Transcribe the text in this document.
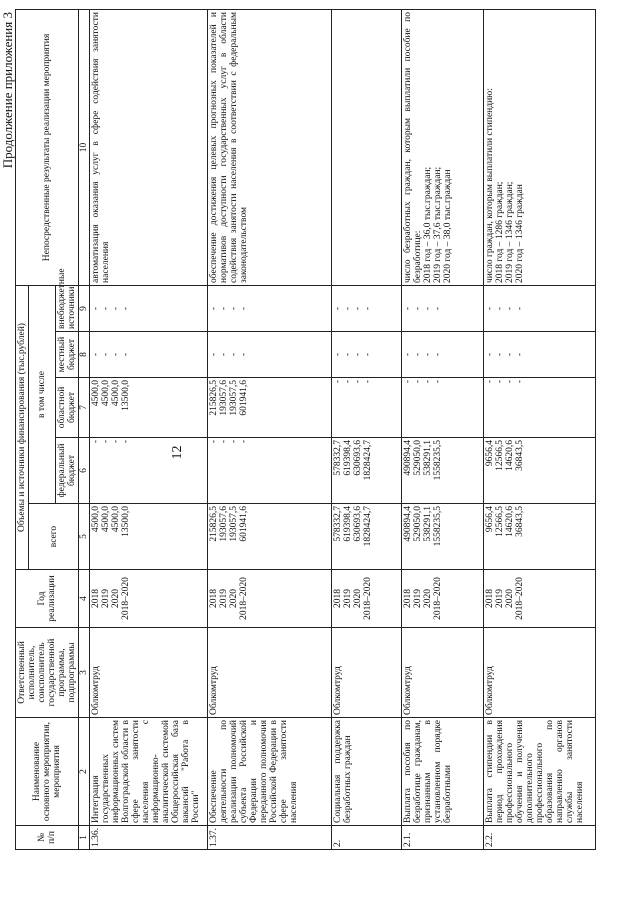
12
Продолжение приложения 3
№ п/п	Наименование основного мероприятия, мероприятия	Ответственный исполнитель, соисполнитель государственной программы, подпрограммы	Год реализации	Объемы и источники финансирования (тыс.рублей)					Непосредственные результаты реализации мероприятия
				всего	в том числе				
					федеральный бюджет	областной бюджет	местный бюджет	внебюджетные источники	
1	2	3	4	5	6	7	8	9	10
1.36.	Интеграция государственных информационных систем Волгоградской области в сфере занятости населения с информационно-аналитической системой Общероссийская база вакансий "Работа в России"	Облкомтруд	2018 2019 2020 2018–2020	4500,0 4500,0 4500,0 13500,0	- - - -	4500,0 4500,0 4500,0 13500,0	- - - -	- - - -	автоматизация оказания услуг в сфере содействия занятости населения

1.37.	Обеспечение деятельности по реализации полномочий субъекта Российской Федерации и переданного полномочия Российской Федерации в сфере занятости населения	Облкомтруд	2018 2019 2020 2018–2020	215826,5 193057,6 193057,5 601941,6	- - - -	215826,5 193057,6 193057,5 601941,6	- - - -	- - - -	обеспечение достижения целевых прогнозных показателей и нормативов доступности государственных услуг в области содействия занятости населения в соответствии с федеральным законодательством

2.	Социальная поддержка безработных граждан	Облкомтруд	2018 2019 2020 2018–2020	578332,7 619398,4 630693,6 1828424,7	578332,7 619398,4 630693,6 1828424,7	- - - -	- - - -	- - - -	

2.1.	Выплата пособия по безработице гражданам, признанным в установленном порядке безработными	Облкомтруд	2018 2019 2020 2018–2020	490894,4 529050,0 538291,1 1558235,5	490894,4 529050,0 538291,1 1558235,5	- - - -	- - - -	- - - -	число безработных граждан, которым выплатили пособие по безработице: 2018 год – 36,0 тыс.граждан; 2019 год – 37,6 тыс.граждан; 2020 год – 38,0 тыс.граждан

2.2.	Выплата стипендии в период прохождения профессионального обучения и получения дополнительного профессионального образования по направлению органов службы занятости населения	Облкомтруд	2018 2019 2020 2018–2020	9656,4 12566,5 14620,6 36843,5	9656,4 12566,5 14620,6 36843,5	- - - -	- - - -	- - - -	число граждан, которым выплатили стипендию: 2018 год – 1286 граждан; 2019 год – 1346 граждан; 2020 год – 1346 граждан
